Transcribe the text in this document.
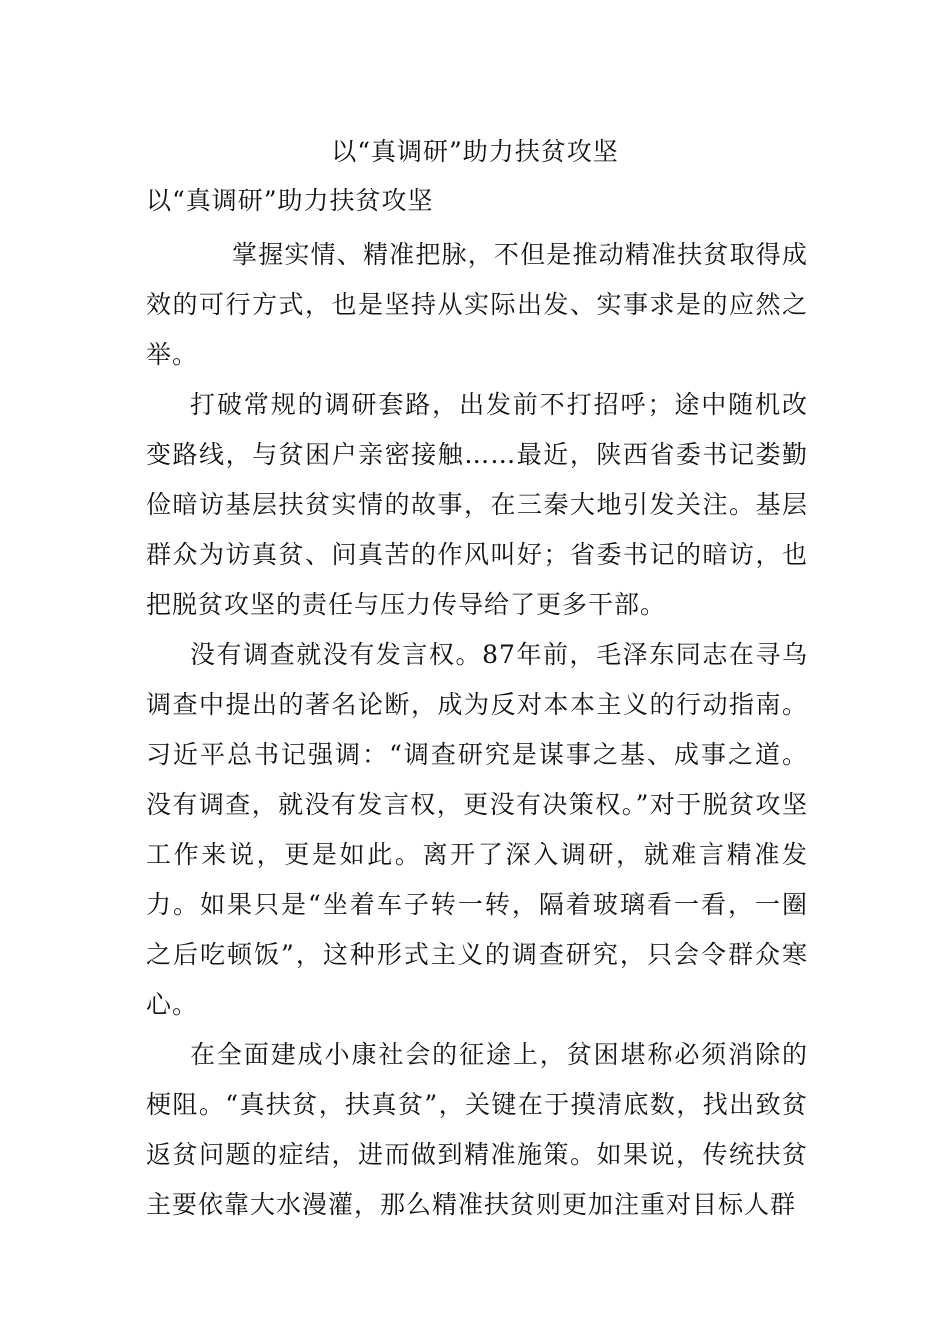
以“真调研”助力扶贫攻坚
以“真调研”助力扶贫攻坚

掌握实情、精准把脉，不但是推动精准扶贫取得成效的可行方式，也是坚持从实际出发、实事求是的应然之举。

打破常规的调研套路，出发前不打招呼；途中随机改变路线，与贫困户亲密接触……最近，陕西省委书记娄勤俭暗访基层扶贫实情的故事，在三秦大地引发关注。基层群众为访真贫、问真苦的作风叫好；省委书记的暗访，也把脱贫攻坚的责任与压力传导给了更多干部。

没有调查就没有发言权。87年前，毛泽东同志在寻乌调查中提出的著名论断，成为反对本本主义的行动指南。习近平总书记强调：“调查研究是谋事之基、成事之道。没有调查，就没有发言权，更没有决策权。”对于脱贫攻坚工作来说，更是如此。离开了深入调研，就难言精准发力。如果只是“坐着车子转一转，隔着玻璃看一看，一圈之后吃顿饭”，这种形式主义的调查研究，只会令群众寒心。

在全面建成小康社会的征途上，贫困堪称必须消除的梗阻。“真扶贫，扶真贫”，关键在于摸清底数，找出致贫返贫问题的症结，进而做到精准施策。如果说，传统扶贫主要依靠大水漫灌，那么精准扶贫则更加注重对目标人群
